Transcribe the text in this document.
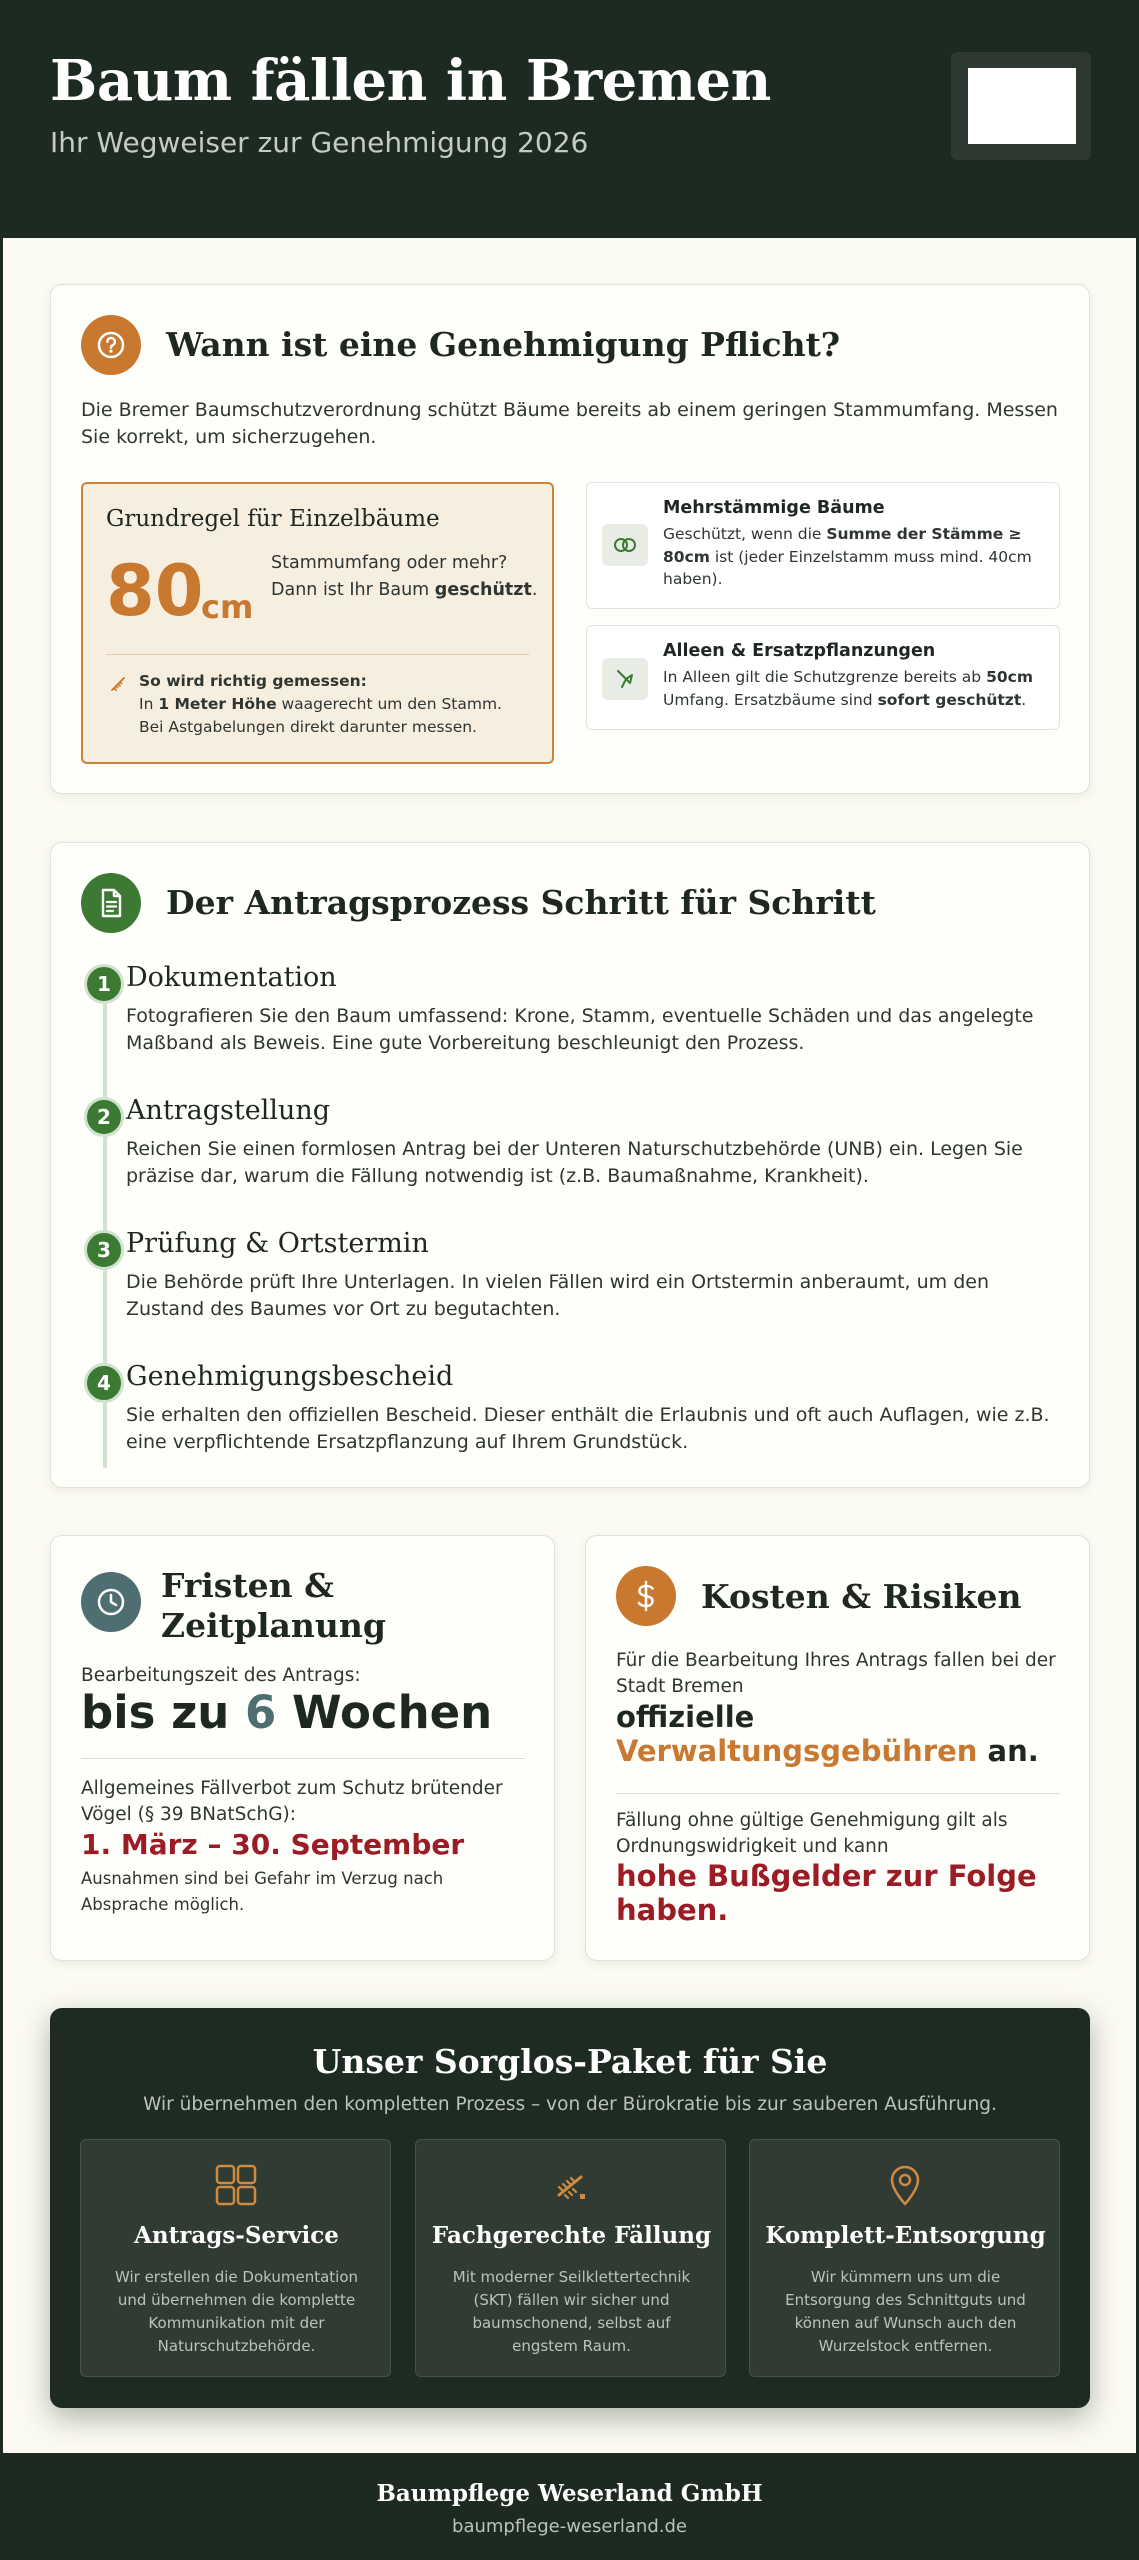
Baum fällen in Bremen
Ihr Wegweiser zur Genehmigung 2026
Wann ist eine Genehmigung Pflicht?
Die Bremer Baumschutzverordnung schützt Bäume bereits ab einem geringen Stammumfang. Messen Sie korrekt, um sicherzugehen.
Grundregel für Einzelbäume
80
cm
Stammumfang oder mehr? Dann ist Ihr Baum geschützt.
So wird richtig gemessen:
In 1 Meter Höhe waagerecht um den Stamm. Bei Astgabelungen direkt darunter messen.
Mehrstämmige Bäume
Geschützt, wenn die Summe der Stämme ≥ 80cm ist (jeder Einzelstamm muss mind. 40cm haben).
Alleen & Ersatzpflanzungen
In Alleen gilt die Schutzgrenze bereits ab 50cm Umfang. Ersatzbäume sind sofort geschützt.
Der Antragsprozess Schritt für Schritt
1 Dokumentation
Fotografieren Sie den Baum umfassend: Krone, Stamm, eventuelle Schäden und das angelegte Maßband als Beweis. Eine gute Vorbereitung beschleunigt den Prozess.
2 Antragstellung
Reichen Sie einen formlosen Antrag bei der Unteren Naturschutzbehörde (UNB) ein. Legen Sie präzise dar, warum die Fällung notwendig ist (z.B. Baumaßnahme, Krankheit).
3 Prüfung & Ortstermin
Die Behörde prüft Ihre Unterlagen. In vielen Fällen wird ein Ortstermin anberaumt, um den Zustand des Baumes vor Ort zu begutachten.
4 Genehmigungsbescheid
Sie erhalten den offiziellen Bescheid. Dieser enthält die Erlaubnis und oft auch Auflagen, wie z.B. eine verpflichtende Ersatzpflanzung auf Ihrem Grundstück.
Fristen &
Zeitplanung
Bearbeitungszeit des Antrags:
bis zu 6 Wochen
Allgemeines Fällverbot zum Schutz brütender Vögel (§ 39 BNatSchG):
1. März – 30. September
Ausnahmen sind bei Gefahr im Verzug nach Absprache möglich.
Kosten & Risiken
Für die Bearbeitung Ihres Antrags fallen bei der Stadt Bremen
offizielle
Verwaltungsgebühren an.
Fällung ohne gültige Genehmigung gilt als Ordnungswidrigkeit und kann
hohe Bußgelder zur Folge
haben.
Unser Sorglos-Paket für Sie
Wir übernehmen den kompletten Prozess – von der Bürokratie bis zur sauberen Ausführung.
Antrags-Service
Wir erstellen die Dokumentation und übernehmen die komplette Kommunikation mit der Naturschutzbehörde.
Fachgerechte Fällung
Mit moderner Seilklettertechnik (SKT) fällen wir sicher und baumschonend, selbst auf engstem Raum.
Komplett-Entsorgung
Wir kümmern uns um die Entsorgung des Schnittguts und können auf Wunsch auch den Wurzelstock entfernen.
Baumpflege Weserland GmbH
baumpflege-weserland.de
